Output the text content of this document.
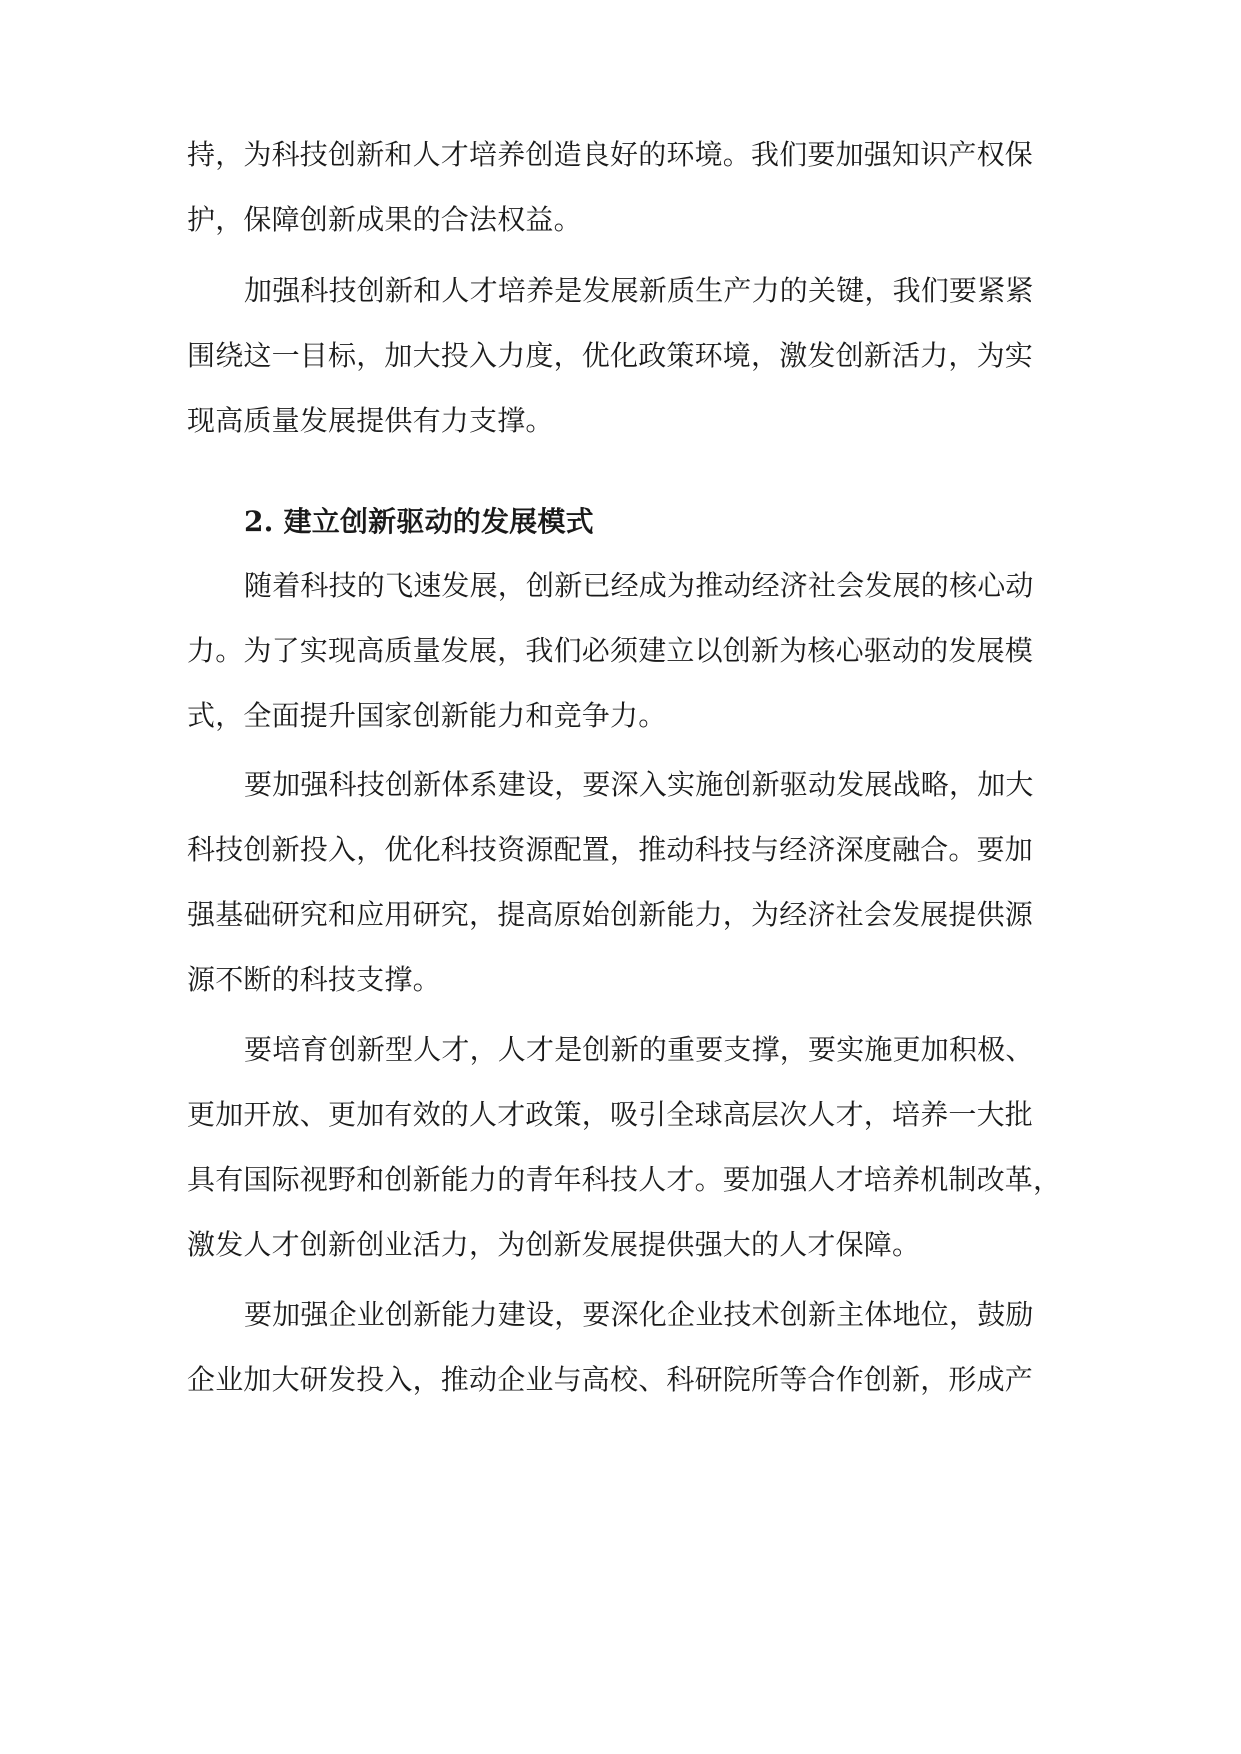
持，为科技创新和人才培养创造良好的环境。我们要加强知识产权保
护，保障创新成果的合法权益。
加强科技创新和人才培养是发展新质生产力的关键，我们要紧紧
围绕这一目标，加大投入力度，优化政策环境，激发创新活力，为实
现高质量发展提供有力支撑。
2. 建立创新驱动的发展模式
随着科技的飞速发展，创新已经成为推动经济社会发展的核心动
力。为了实现高质量发展，我们必须建立以创新为核心驱动的发展模
式，全面提升国家创新能力和竞争力。
要加强科技创新体系建设，要深入实施创新驱动发展战略，加大
科技创新投入，优化科技资源配置，推动科技与经济深度融合。要加
强基础研究和应用研究，提高原始创新能力，为经济社会发展提供源
源不断的科技支撑。
要培育创新型人才，人才是创新的重要支撑，要实施更加积极、
更加开放、更加有效的人才政策，吸引全球高层次人才，培养一大批
具有国际视野和创新能力的青年科技人才。要加强人才培养机制改革，
激发人才创新创业活力，为创新发展提供强大的人才保障。
要加强企业创新能力建设，要深化企业技术创新主体地位，鼓励
企业加大研发投入，推动企业与高校、科研院所等合作创新，形成产
